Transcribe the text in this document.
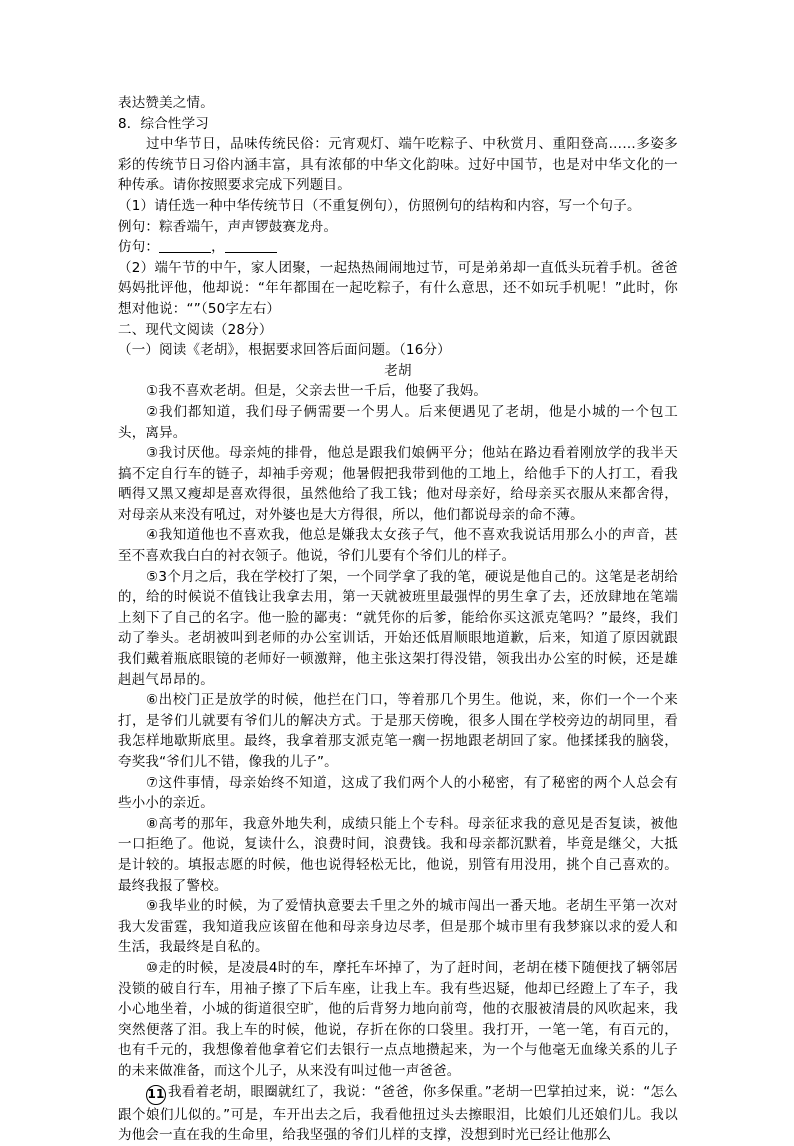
表达赞美之情。

8．综合性学习

过中华节日，品味传统民俗：元宵观灯、端午吃粽子、中秋赏月、重阳登高……多姿多彩的传统节日习俗内涵丰富，具有浓郁的中华文化韵味。过好中国节，也是对中华文化的一种传承。请你按照要求完成下列题目。

（1）请任选一种中华传统节日（不重复例句），仿照例句的结构和内容，写一个句子。

例句：粽香端午，声声锣鼓赛龙舟。

仿句：	，

（2）端午节的中午，家人团聚，一起热热闹闹地过节，可是弟弟却一直低头玩着手机。爸爸妈妈批评他，他却说：“年年都围在一起吃粽子，有什么意思，还不如玩手机呢！”此时，你想对他说：“”（50字左右）

二、现代文阅读（28分）

（一）阅读《老胡》，根据要求回答后面问题。（16分）

老胡

①我不喜欢老胡。但是，父亲去世一千后，他娶了我妈。

②我们都知道，我们母子俩需要一个男人。后来便遇见了老胡，他是小城的一个包工头，离异。

③我讨厌他。母亲炖的排骨，他总是跟我们娘俩平分；他站在路边看着刚放学的我半天搞不定自行车的链子，却袖手旁观；他暑假把我带到他的工地上，给他手下的人打工，看我晒得又黑又瘦却是喜欢得很，虽然他给了我工钱；他对母亲好，给母亲买衣服从来都舍得，对母亲从来没有吼过，对外婆也是大方得很，所以，他们都说母亲的命不薄。

④我知道他也不喜欢我，他总是嫌我太女孩子气，他不喜欢我说话用那么小的声音，甚至不喜欢我白白的衬衣领子。他说，爷们儿要有个爷们儿的样子。

⑤3个月之后，我在学校打了架，一个同学拿了我的笔，硬说是他自己的。这笔是老胡给的，给的时候说不值钱让我拿去用，第一天就被班里最强悍的男生拿了去，还放肆地在笔端上刻下了自己的名字。他一脸的鄙夷：“就凭你的后爹，能给你买这派克笔吗？”最终，我们动了拳头。老胡被叫到老师的办公室训话，开始还低眉顺眼地道歉，后来，知道了原因就跟我们戴着瓶底眼镜的老师好一顿激辩，他主张这架打得没错，领我出办公室的时候，还是雄赳赳气昂昂的。

⑥出校门正是放学的时候，他拦在门口，等着那几个男生。他说，来，你们一个一个来打，是爷们儿就要有爷们儿的解决方式。于是那天傍晚，很多人围在学校旁边的胡同里，看我怎样地歇斯底里。最终，我拿着那支派克笔一瘸一拐地跟老胡回了家。他揉揉我的脑袋，夸奖我“爷们儿不错，像我的儿子”。

⑦这件事情，母亲始终不知道，这成了我们两个人的小秘密，有了秘密的两个人总会有些小小的亲近。

⑧高考的那年，我意外地失利，成绩只能上个专科。母亲征求我的意见是否复读，被他一口拒绝了。他说，复读什么，浪费时间，浪费钱。我和母亲都沉默着，毕竟是继父，大抵是计较的。填报志愿的时候，他也说得轻松无比，他说，别管有用没用，挑个自己喜欢的。最终我报了警校。

⑨我毕业的时候，为了爱情执意要去千里之外的城市闯出一番天地。老胡生平第一次对我大发雷霆，我知道我应该留在他和母亲身边尽孝，但是那个城市里有我梦寐以求的爱人和生活，我最终是自私的。

⑩走的时候，是凌晨4时的车，摩托车坏掉了，为了赶时间，老胡在楼下随便找了辆邻居没锁的破自行车，用袖子擦了下后车座，让我上车。我有些迟疑，他却已经蹬上了车子，我小心地坐着，小城的街道很空旷，他的后背努力地向前弯，他的衣服被清晨的风吹起来，我突然便落了泪。我上车的时候，他说，存折在你的口袋里。我打开，一笔一笔，有百元的，也有千元的，我想像着他拿着它们去银行一点点地攒起来，为一个与他毫无血缘关系的儿子的未来做准备，而这个儿子，从来没有叫过他一声爸爸。

11 我看着老胡，眼圈就红了，我说：“爸爸，你多保重。”老胡一巴掌拍过来，说：“怎么跟个娘们儿似的。”可是，车开出去之后，我看他扭过头去擦眼泪，比娘们儿还娘们儿。我以为他会一直在我的生命里，给我坚强的爷们儿样的支撑，没想到时光已经让他那么
